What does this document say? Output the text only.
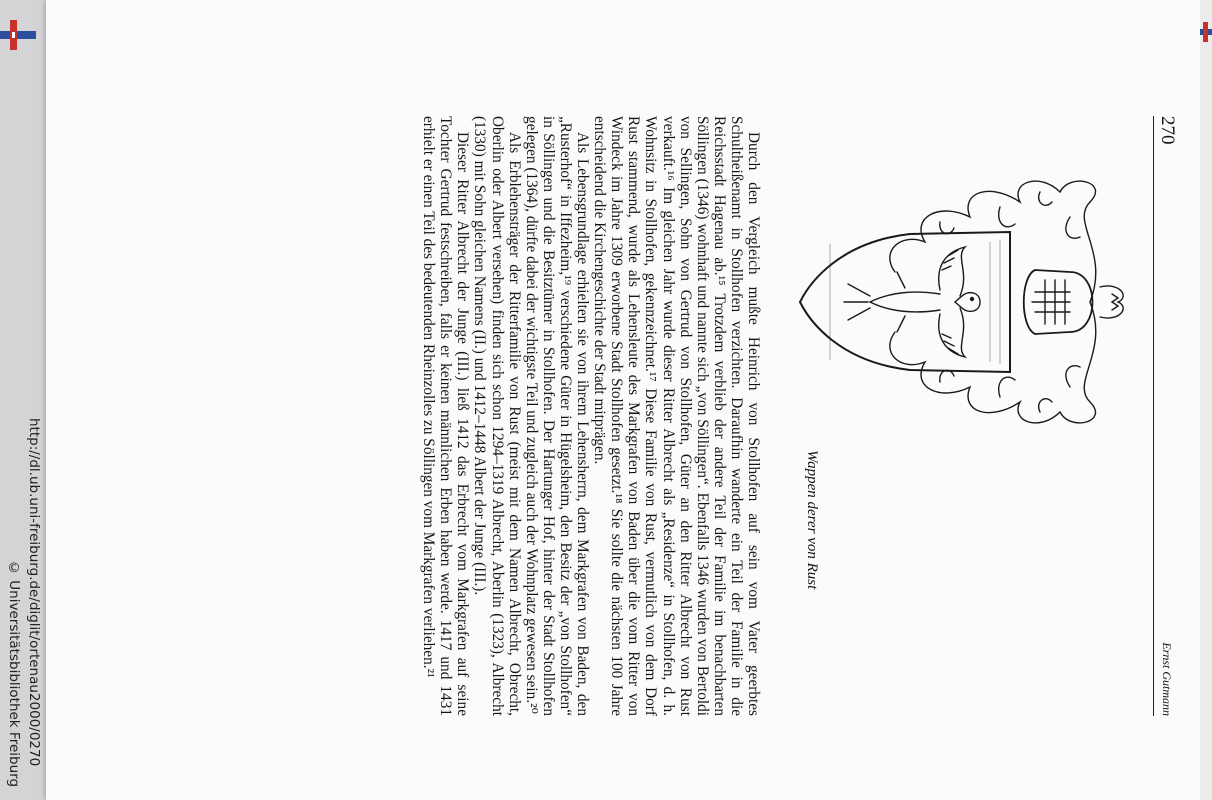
270
Ernst Gutmann
Wappen derer von Rust

Durch den Vergleich mußte Heinrich von Stollhofen auf sein vom Vater geerbtes Schultheißenamt in Stollhofen verzichten. Daraufhin wanderte ein Teil der Familie in die Reichsstadt Hagenau ab.¹⁵ Trotzdem verblieb der andere Teil der Familie im benachbarten Söllingen (1346) wohnhaft und nannte sich „von Söllingen“. Ebenfalls 1346 wurden von Bertoldi von Sellingen, Sohn von Gertrud von Stollhofen, Güter an den Ritter Albrecht von Rust verkauft.¹⁶ Im gleichen Jahr wurde dieser Ritter Albrecht als „Residenze“ in Stollhofen, d. h. Wohnsitz in Stollhofen, gekennzeichnet.¹⁷ Diese Familie von Rust, vermutlich von dem Dorf Rust stammend, wurde als Lehensleute des Markgrafen von Baden über die vom Ritter von Windeck im Jahre 1309 erworbene Stadt Stollhofen gesetzt.¹⁸ Sie sollte die nächsten 100 Jahre entscheidend die Kirchengeschichte der Stadt mitprägen.

Als Lebensgrundlage erhielten sie von ihrem Lehensherrn, dem Markgrafen von Baden, den „Rusterhof“ in Iffezheim,¹⁹ verschiedene Güter in Hügelsheim, den Besitz der „von Stollhofen“ in Söllingen und die Besitztümer in Stollhofen. Der Hartunger Hof, hinter der Stadt Stollhofen gelegen (1364), dürfte dabei der wichtigste Teil und zugleich auch der Wohnplatz gewesen sein.²⁰

Als Erblehensträger der Ritterfamilie von Rust (meist mit dem Namen Albrecht, Obrecht, Oberlin oder Albert versehen) finden sich schon 1294–1319 Albrecht, Aberlin (1323), Albrecht (1330) mit Sohn gleichen Namens (II.) und 1412–1448 Albert der Junge (III.).

Dieser Ritter Albrecht der Junge (III.) ließ 1412 das Erbrecht vom Markgrafen auf seine Tochter Gertrud festschreiben, falls er keinen männlichen Erben haben werde. 1417 und 1431 erhielt er einen Teil des bedeutenden Rheinzolles zu Söllingen vom Markgrafen verliehen.²¹

http://dl.ub.uni-freiburg.de/diglit/ortenau2000/0270
© Universitätsbibliothek Freiburg
